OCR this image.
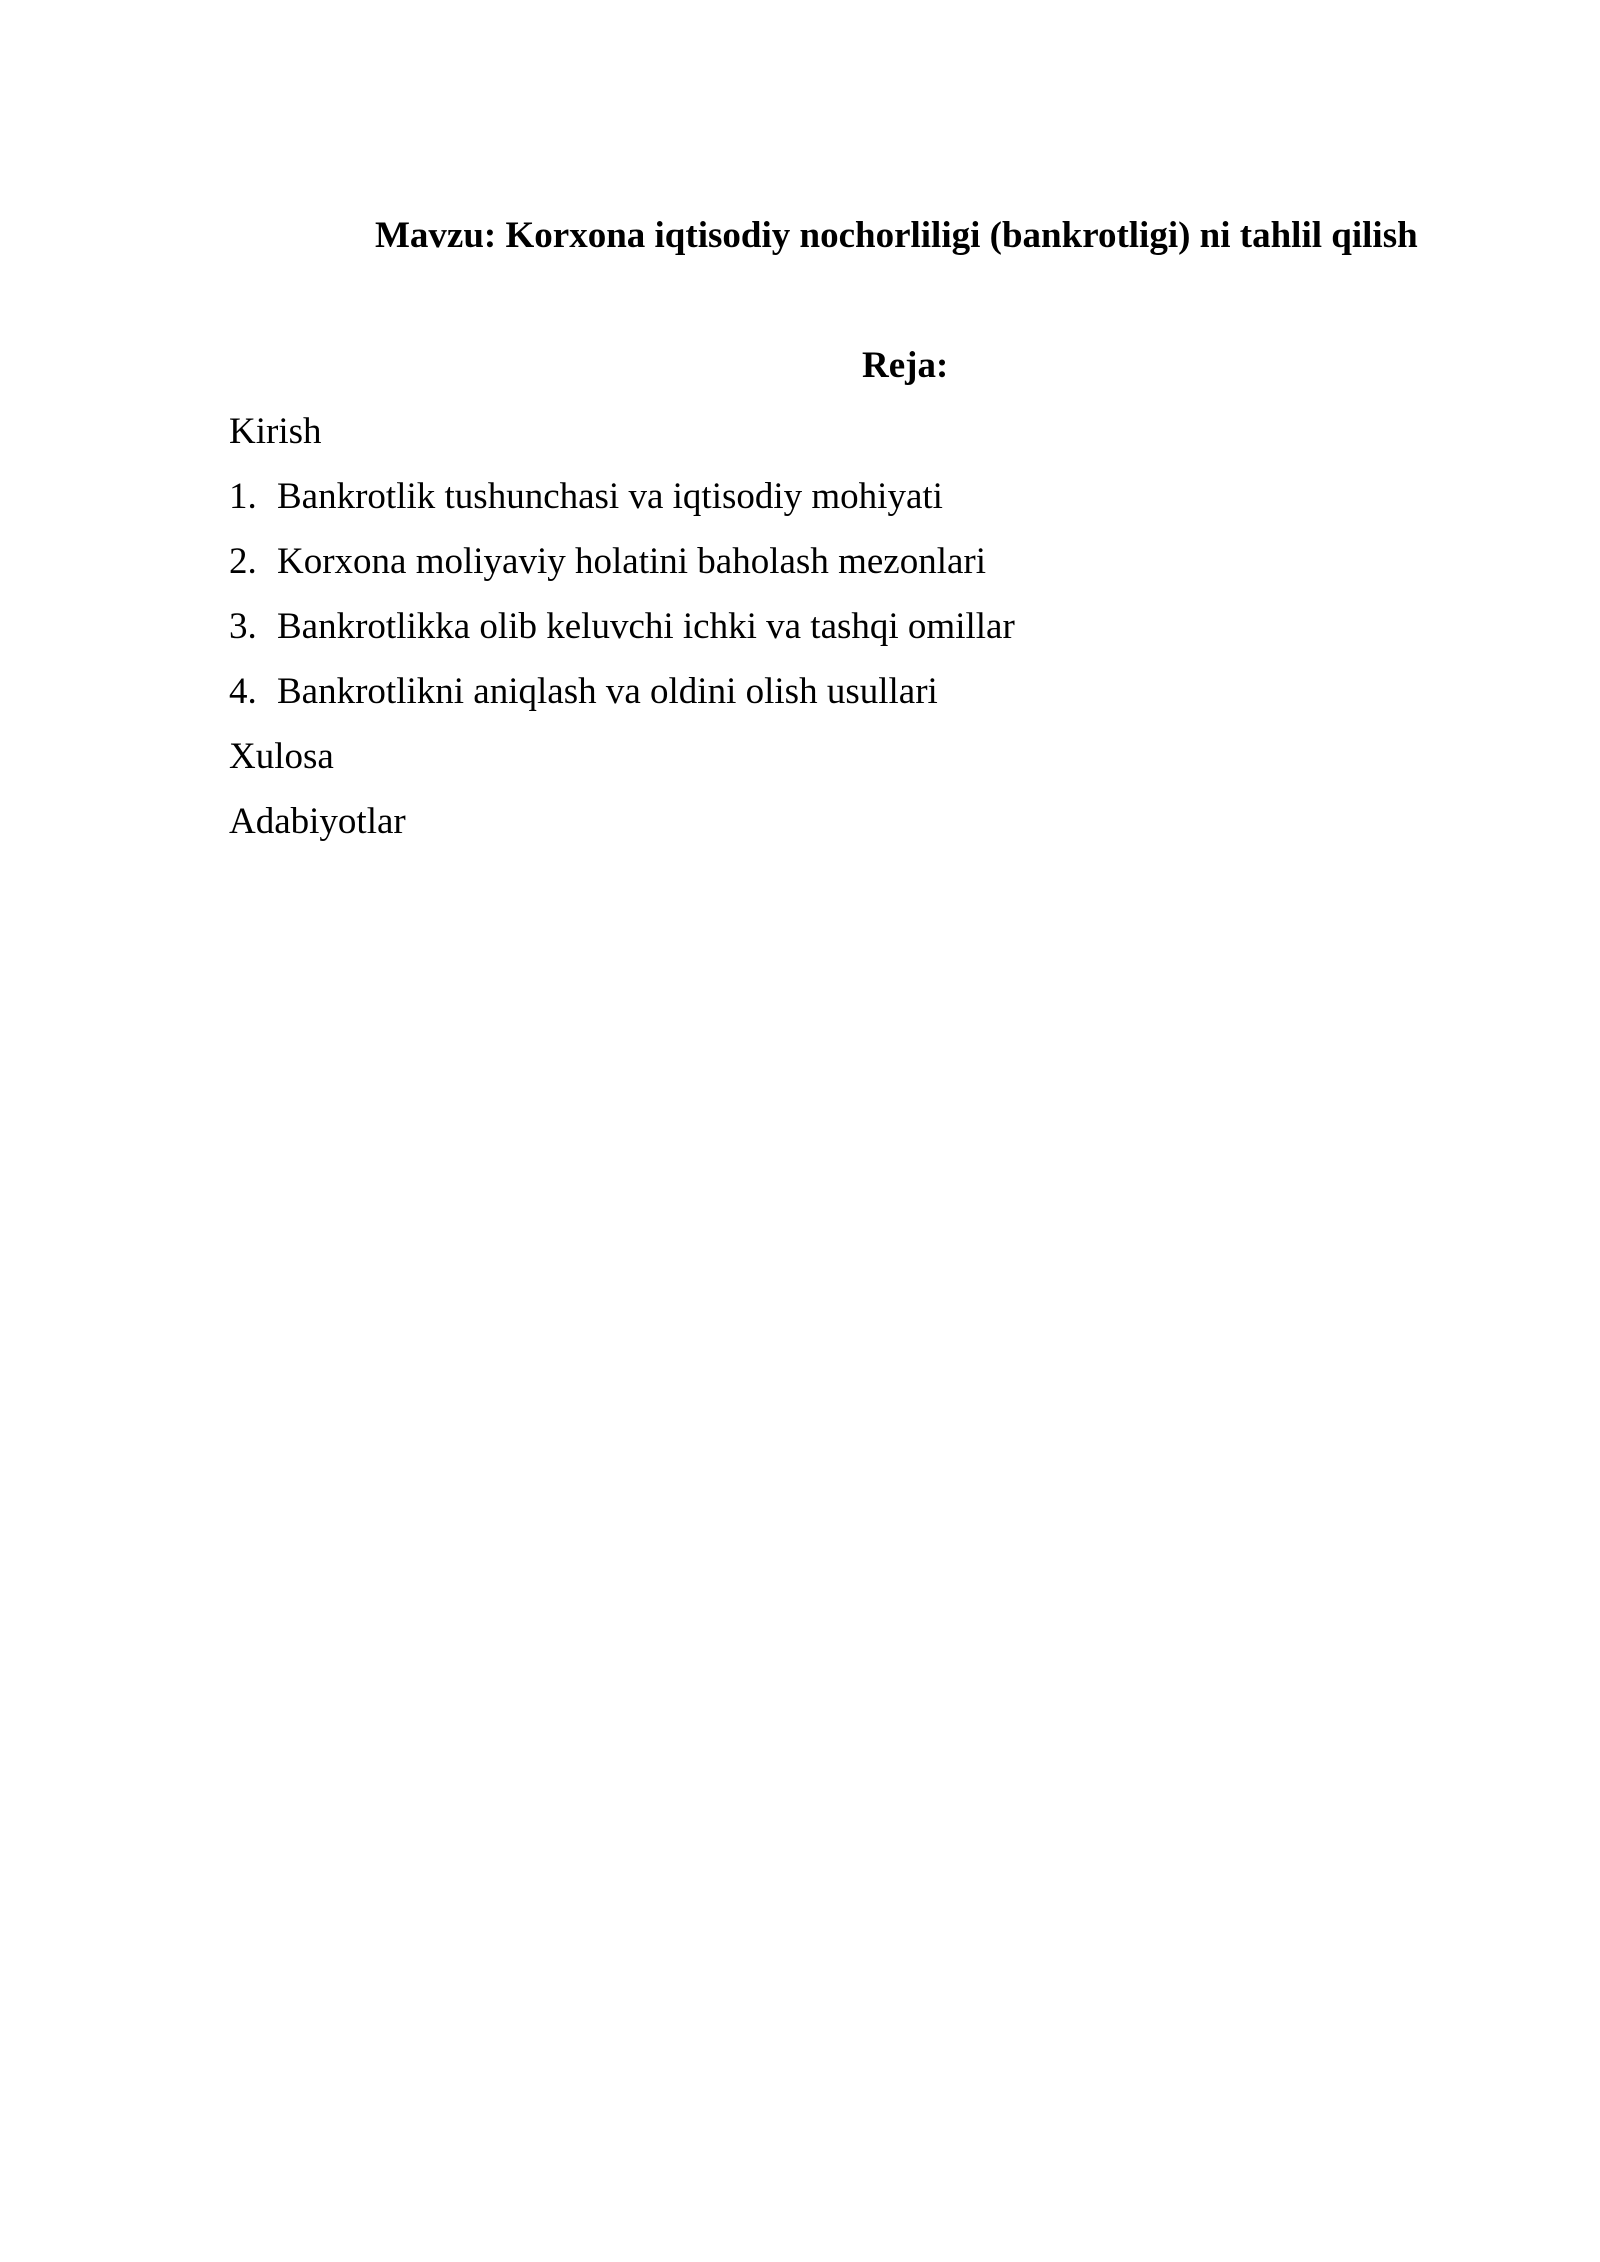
Mavzu: Korxona iqtisodiy nochorliligi (bankrotligi) ni tahlil qilish
Reja:
Kirish
1. Bankrotlik tushunchasi va iqtisodiy mohiyati
2. Korxona moliyaviy holatini baholash mezonlari
3. Bankrotlikka olib keluvchi ichki va tashqi omillar
4. Bankrotlikni aniqlash va oldini olish usullari
Xulosa
Adabiyotlar
